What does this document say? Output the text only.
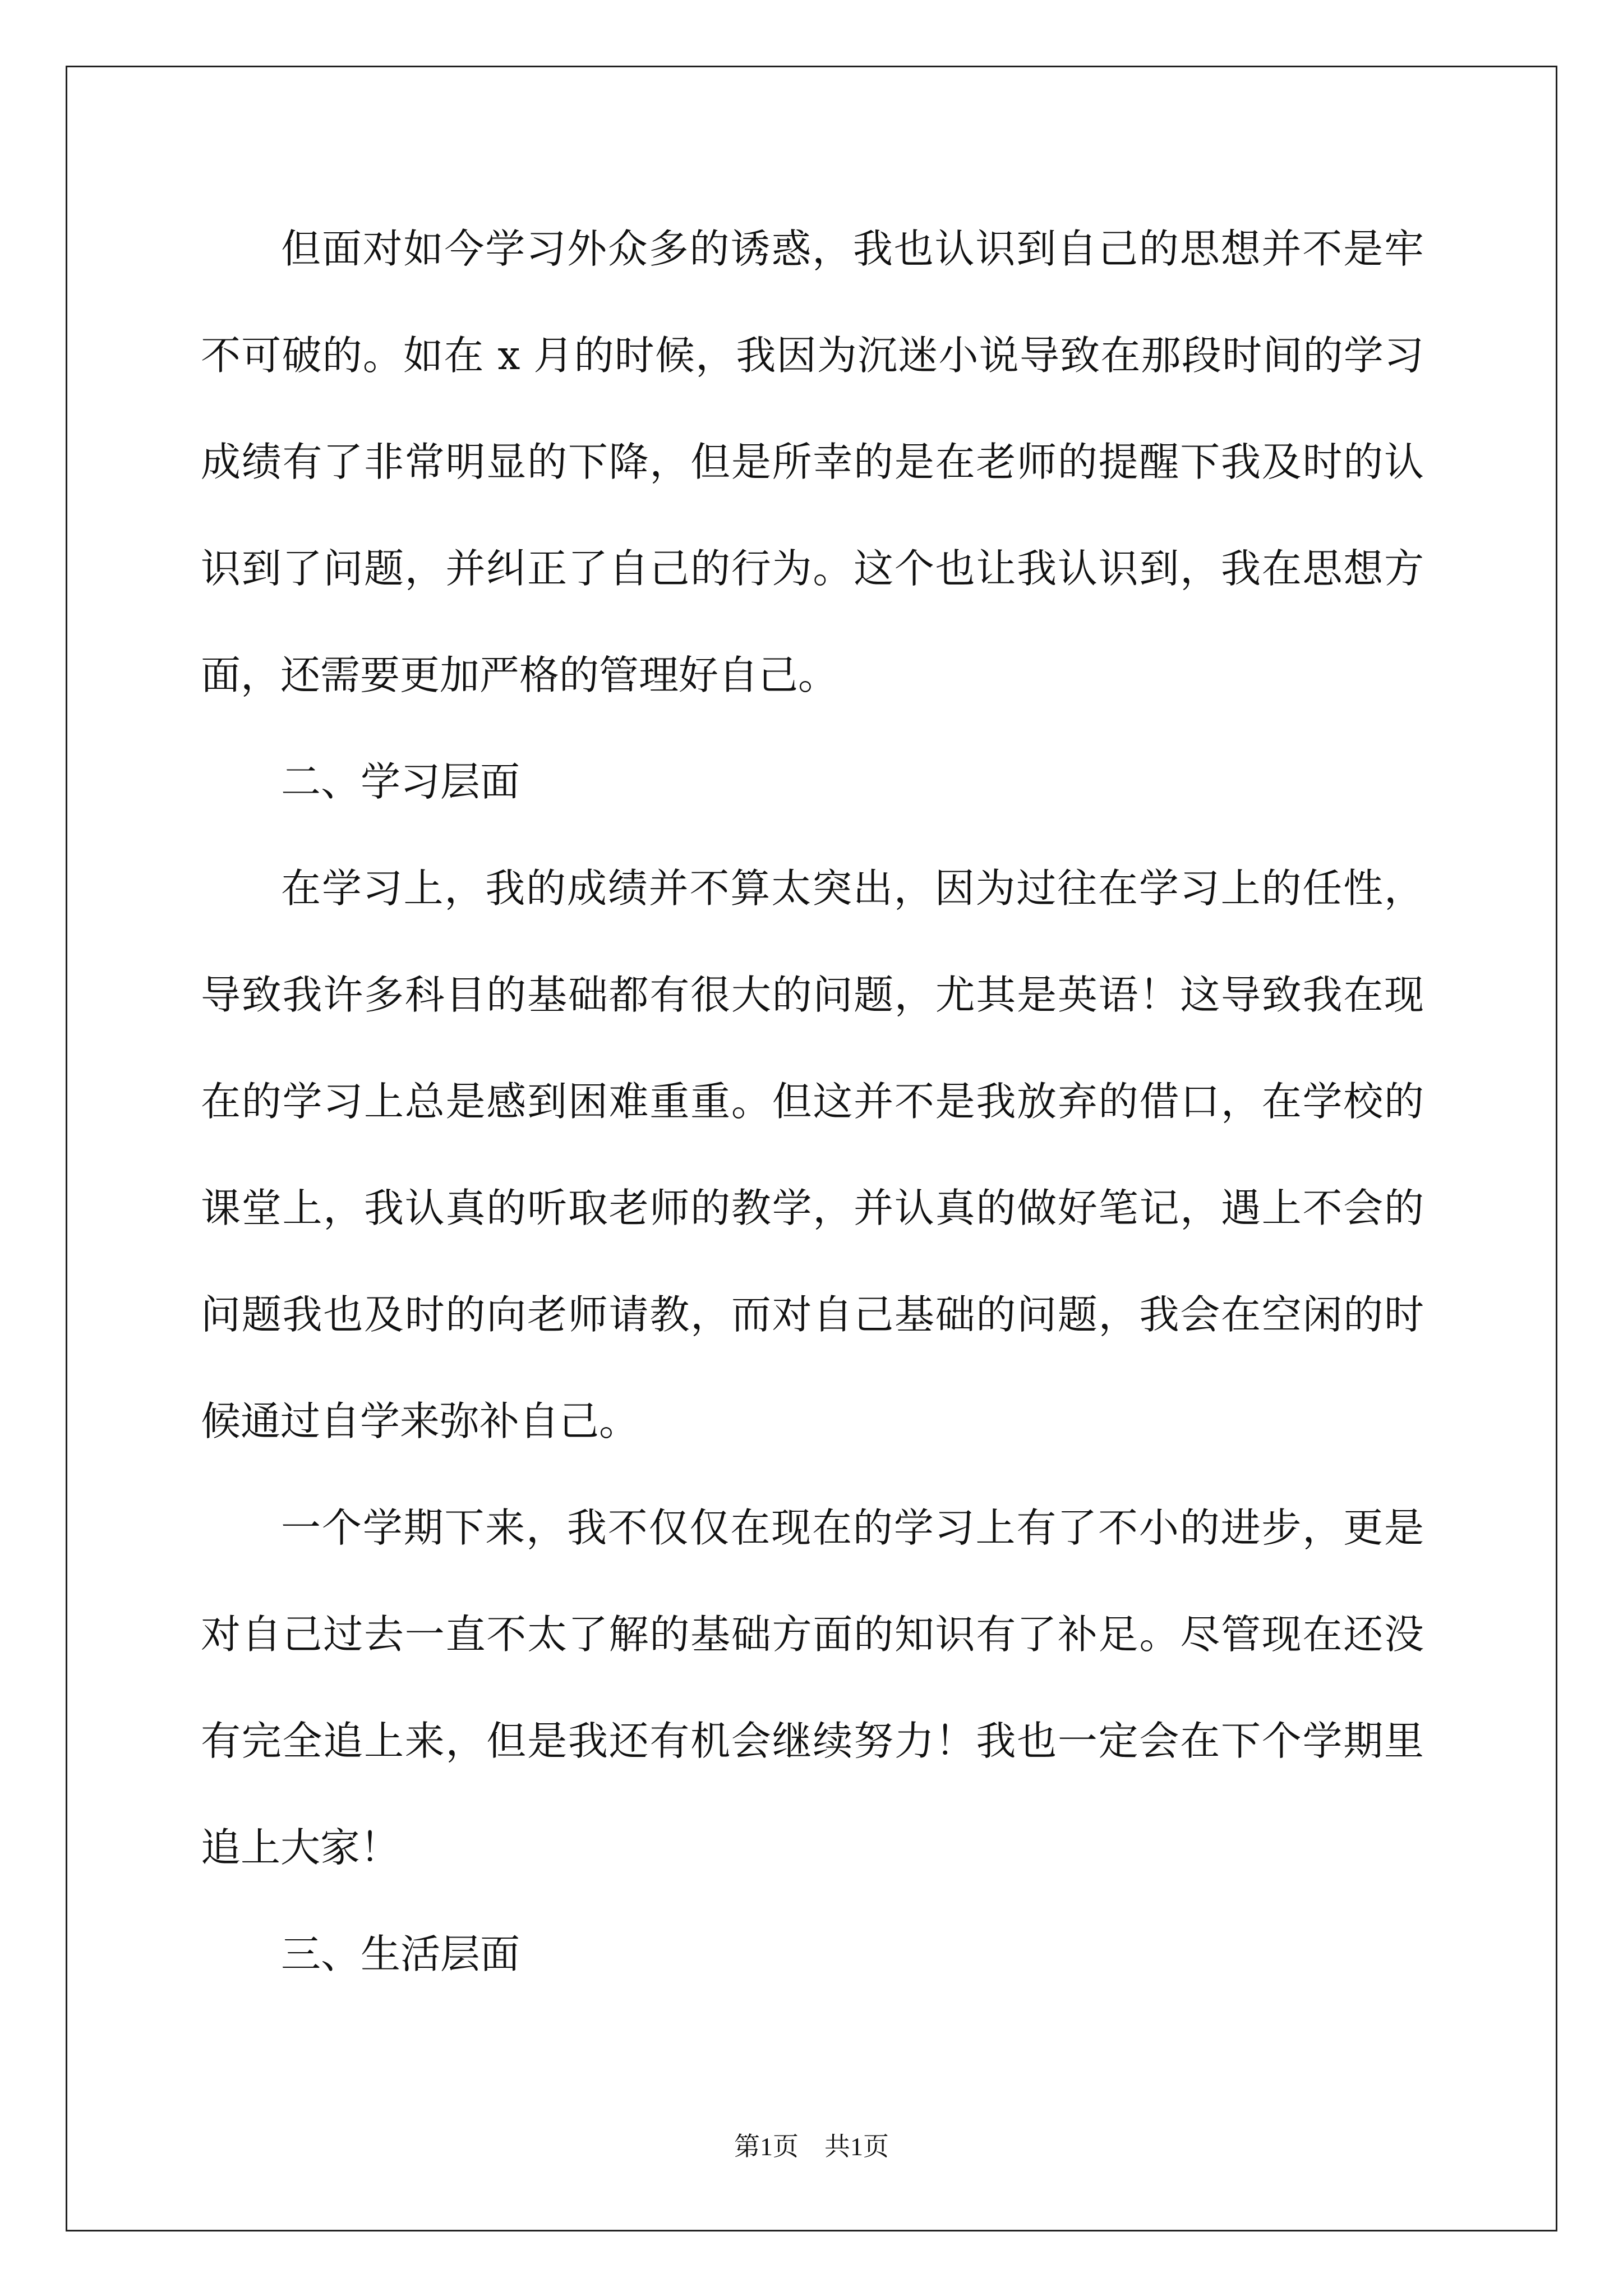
但面对如今学习外众多的诱惑，我也认识到自己的思想并不是牢
不可破的。如在 x 月的时候，我因为沉迷小说导致在那段时间的学习
成绩有了非常明显的下降，但是所幸的是在老师的提醒下我及时的认
识到了问题，并纠正了自己的行为。这个也让我认识到，我在思想方
面，还需要更加严格的管理好自己。
二、学习层面
在学习上，我的成绩并不算太突出，因为过往在学习上的任性，
导致我许多科目的基础都有很大的问题，尤其是英语！这导致我在现
在的学习上总是感到困难重重。但这并不是我放弃的借口，在学校的
课堂上，我认真的听取老师的教学，并认真的做好笔记，遇上不会的
问题我也及时的向老师请教，而对自己基础的问题，我会在空闲的时
候通过自学来弥补自己。
一个学期下来，我不仅仅在现在的学习上有了不小的进步，更是
对自己过去一直不太了解的基础方面的知识有了补足。尽管现在还没
有完全追上来，但是我还有机会继续努力！我也一定会在下个学期里
追上大家！
三、生活层面
第1页　共1页
